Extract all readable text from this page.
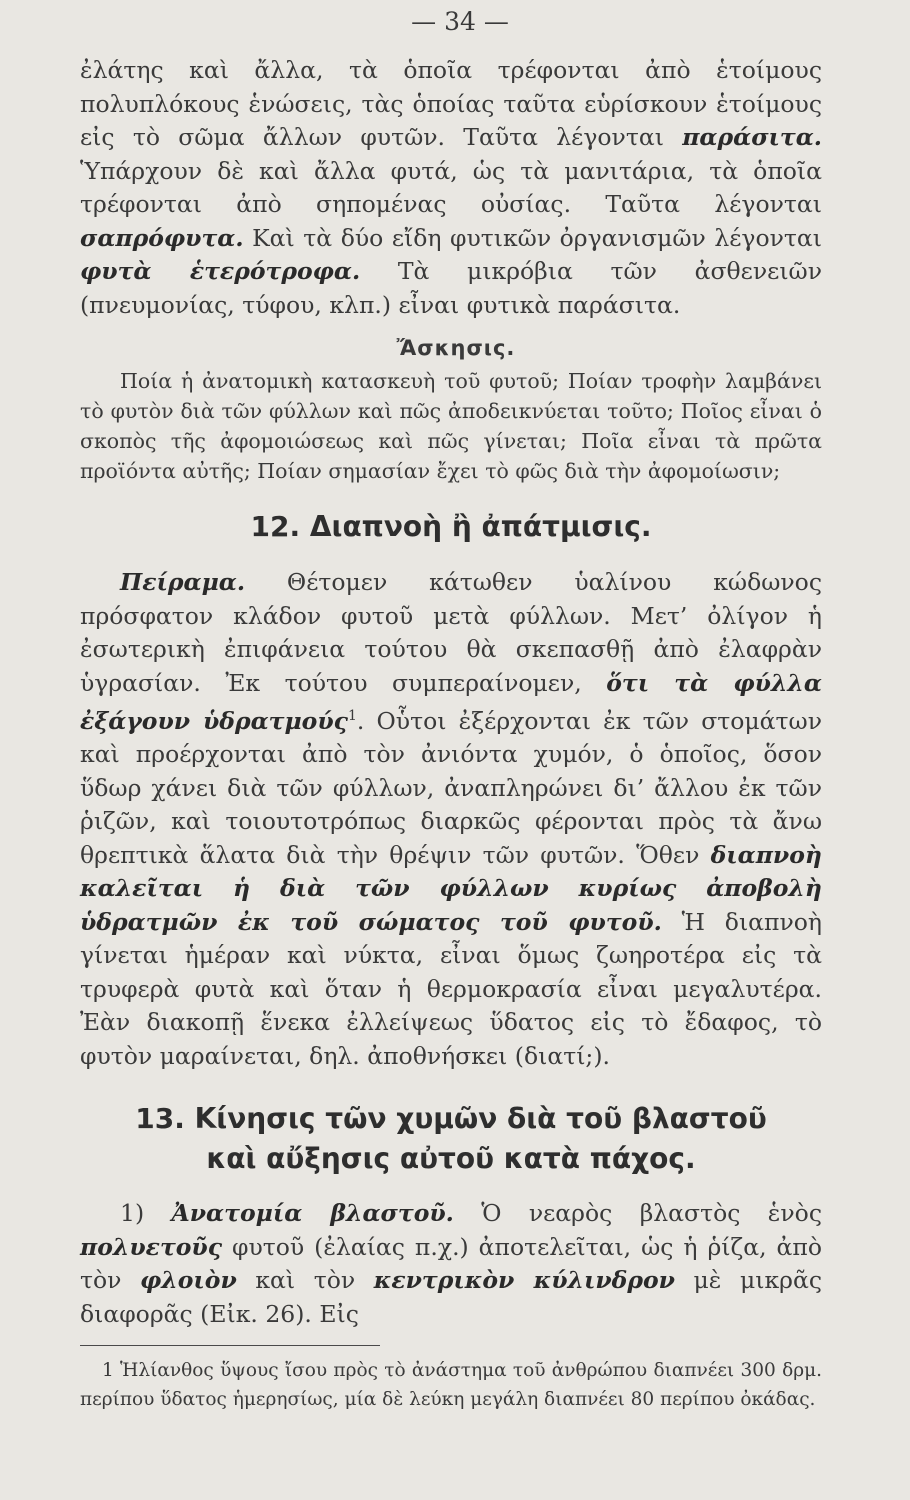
— 34 —

ἐλάτης καὶ ἄλλα, τὰ ὁποῖα τρέφονται ἀπὸ ἑτοίμους πολυπλόκους ἑνώσεις, τὰς ὁποίας ταῦτα εὑρίσκουν ἑτοίμους εἰς τὸ σῶμα ἄλλων φυτῶν. Ταῦτα λέγονται παράσιτα. Ὑπάρχουν δὲ καὶ ἄλλα φυτά, ὡς τὰ μανιτάρια, τὰ ὁποῖα τρέφονται ἀπὸ σηπομένας οὐσίας. Ταῦτα λέγονται σαπρόφυτα. Καὶ τὰ δύο εἴδη φυτικῶν ὀργανισμῶν λέγονται φυτὰ ἑτερότροφα. Τὰ μικρόβια τῶν ἀσθενειῶν (πνευμονίας, τύφου, κλπ.) εἶναι φυτικὰ παράσιτα.

Ἄσκησις.

Ποία ἡ ἀνατομικὴ κατασκευὴ τοῦ φυτοῦ; Ποίαν τροφὴν λαμβάνει τὸ φυτὸν διὰ τῶν φύλλων καὶ πῶς ἀποδεικνύεται τοῦτο; Ποῖος εἶναι ὁ σκοπὸς τῆς ἀφομοιώσεως καὶ πῶς γίνεται; Ποῖα εἶναι τὰ πρῶτα προϊόντα αὐτῆς; Ποίαν σημασίαν ἔχει τὸ φῶς διὰ τὴν ἀφομοίωσιν;

12. Διαπνοὴ ἢ ἀπάτμισις.

Πείραμα. Θέτομεν κάτωθεν ὑαλίνου κώδωνος πρόσφατον κλάδον φυτοῦ μετὰ φύλλων. Μετ’ ὀλίγον ἡ ἐσωτερικὴ ἐπιφάνεια τούτου θὰ σκεπασθῇ ἀπὸ ἐλαφρὰν ὑγρασίαν. Ἐκ τούτου συμπεραίνομεν, ὅτι τὰ φύλλα ἐξάγουν ὑδρατμούς$^1$. Οὗτοι ἐξέρχονται ἐκ τῶν στομάτων καὶ προέρχονται ἀπὸ τὸν ἀνιόντα χυμόν, ὁ ὁποῖος, ὅσον ὕδωρ χάνει διὰ τῶν φύλλων, ἀναπληρώνει δι’ ἄλλου ἐκ τῶν ῥιζῶν, καὶ τοιουτοτρόπως διαρκῶς φέρονται πρὸς τὰ ἄνω θρεπτικὰ ἅλατα διὰ τὴν θρέψιν τῶν φυτῶν. Ὅθεν διαπνοὴ καλεῖται ἡ διὰ τῶν φύλλων κυρίως ἀποβολὴ ὑδρατμῶν ἐκ τοῦ σώματος τοῦ φυτοῦ. Ἡ διαπνοὴ γίνεται ἡμέραν καὶ νύκτα, εἶναι ὅμως ζωηροτέρα εἰς τὰ τρυφερὰ φυτὰ καὶ ὅταν ἡ θερμοκρασία εἶναι μεγαλυτέρα. Ἐὰν διακοπῇ ἕνεκα ἐλλείψεως ὕδατος εἰς τὸ ἔδαφος, τὸ φυτὸν μαραίνεται, δηλ. ἀποθνήσκει (διατί;).

13. Κίνησις τῶν χυμῶν διὰ τοῦ βλαστοῦ
καὶ αὔξησις αὐτοῦ κατὰ πάχος.

1) Ἀνατομία βλαστοῦ. Ὁ νεαρὸς βλαστὸς ἑνὸς πολυετοῦς φυτοῦ (ἐλαίας π.χ.) ἀποτελεῖται, ὡς ἡ ῥίζα, ἀπὸ τὸν φλοιὸν καὶ τὸν κεντρικὸν κύλινδρον μὲ μικρᾶς διαφορᾶς (Εἰκ. 26). Εἰς

1 Ἡλίανθος ὕψους ἴσου πρὸς τὸ ἀνάστημα τοῦ ἀνθρώπου διαπνέει 300 δρμ. περίπου ὕδατος ἡμερησίως, μία δὲ λεύκη μεγάλη διαπνέει 80 περίπου ὀκάδας.
